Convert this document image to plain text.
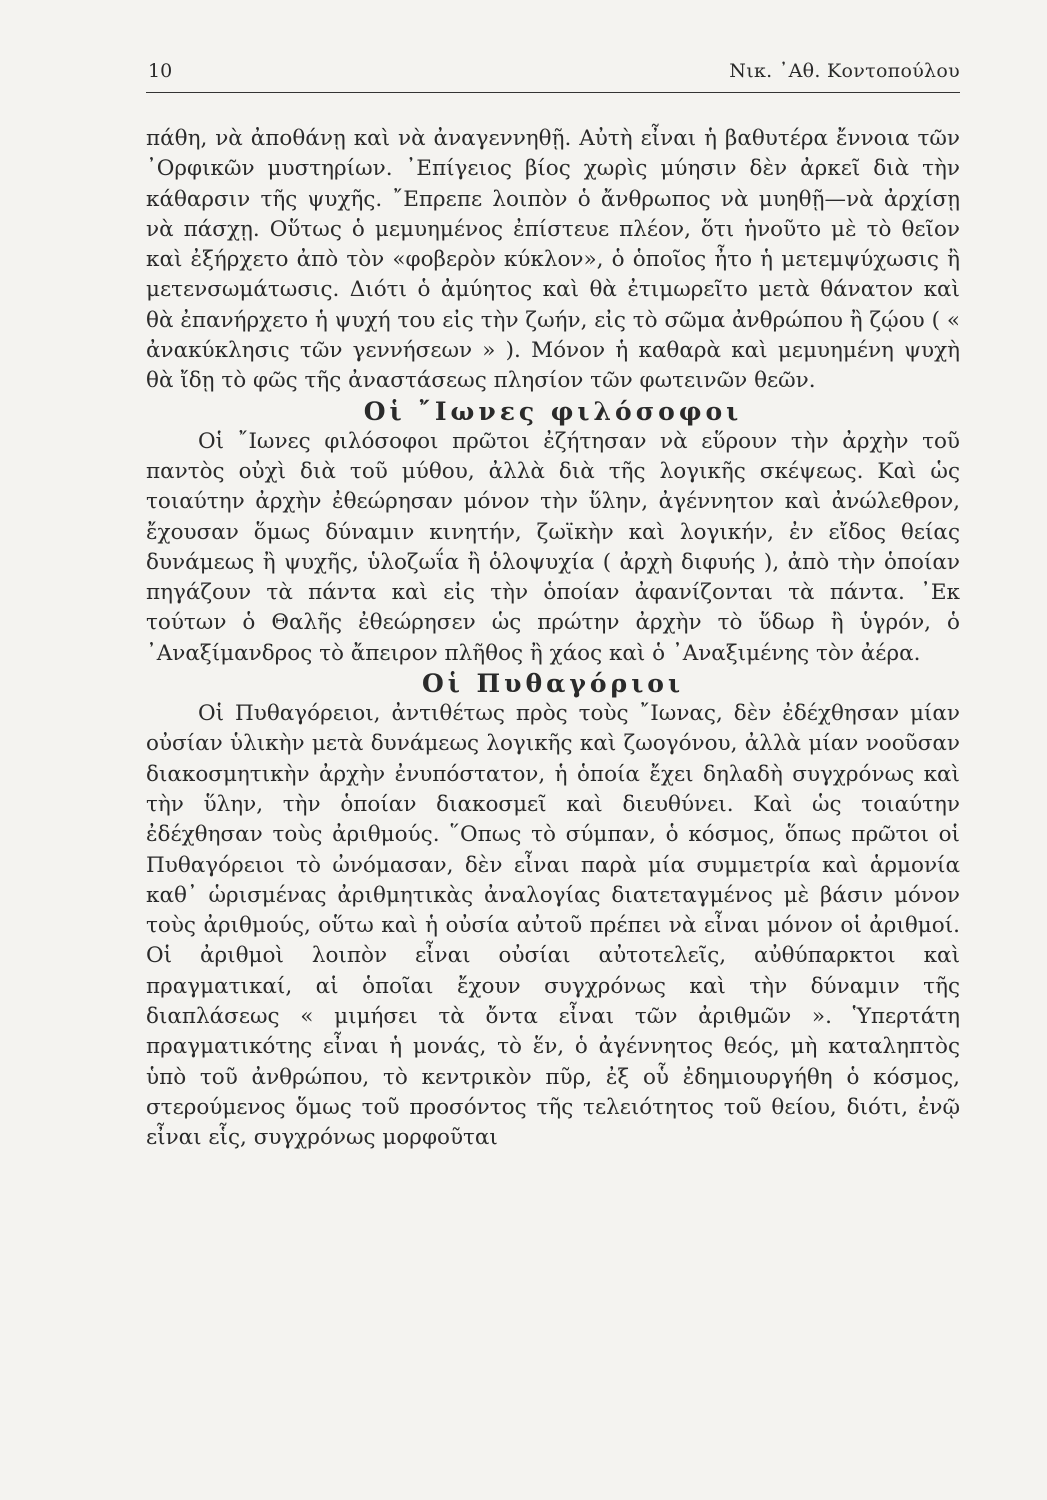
10	Νικ. ᾿Αθ. Κοντοπούλου

πάθη, νὰ ἀποθάνῃ καὶ νὰ ἀναγεννηθῇ. Αὐτὴ εἶναι ἡ βαθυτέρα ἔννοια τῶν ᾿Ορφικῶν μυστηρίων. ᾿Επίγειος βίος χωρὶς μύησιν δὲν ἀρκεῖ διὰ τὴν κάθαρσιν τῆς ψυχῆς. ῎Επρεπε λοιπὸν ὁ ἄνθρωπος νὰ μυηθῇ—νὰ ἀρχίσῃ νὰ πάσχῃ. Οὕτως ὁ μεμυημένος ἐπίστευε πλέον, ὅτι ἡνοῦτο μὲ τὸ θεῖον καὶ ἐξήρχετο ἀπὸ τὸν «φοβερὸν κύκλον», ὁ ὁποῖος ἦτο ἡ μετεμψύχωσις ἢ μετενσωμάτωσις. Διότι ὁ ἀμύητος καὶ θὰ ἐτιμωρεῖτο μετὰ θάνατον καὶ θὰ ἐπανήρχετο ἡ ψυχή του εἰς τὴν ζωήν, εἰς τὸ σῶμα ἀνθρώπου ἢ ζῴου ( « ἀνακύκλησις τῶν γεννήσεων » ). Μόνον ἡ καθαρὰ καὶ μεμυημένη ψυχὴ θὰ ἴδῃ τὸ φῶς τῆς ἀναστάσεως πλησίον τῶν φωτεινῶν θεῶν.

Οἱ ῎Ιωνες φιλόσοφοι

Οἱ ῎Ιωνες φιλόσοφοι πρῶτοι ἐζήτησαν νὰ εὕρουν τὴν ἀρχὴν τοῦ παντὸς οὐχὶ διὰ τοῦ μύθου, ἀλλὰ διὰ τῆς λογικῆς σκέψεως. Καὶ ὡς τοιαύτην ἀρχὴν ἐθεώρησαν μόνον τὴν ὕλην, ἀγέννητον καὶ ἀνώλεθρον, ἔχουσαν ὅμως δύναμιν κινητήν, ζωϊκὴν καὶ λογικήν, ἐν εἴδος θείας δυνάμεως ἢ ψυχῆς, ὑλοζωΐα ἢ ὁλοψυχία ( ἀρχὴ διφυής ), ἀπὸ τὴν ὁποίαν πηγάζουν τὰ πάντα καὶ εἰς τὴν ὁποίαν ἀφανίζονται τὰ πάντα. ᾿Εκ τούτων ὁ Θαλῆς ἐθεώρησεν ὡς πρώτην ἀρχὴν τὸ ὕδωρ ἢ ὑγρόν, ὁ ᾿Αναξίμανδρος τὸ ἄπειρον πλῆθος ἢ χάος καὶ ὁ ᾿Αναξιμένης τὸν ἀέρα.

Οἱ Πυθαγόριοι

Οἱ Πυθαγόρειοι, ἀντιθέτως πρὸς τοὺς ῎Ιωνας, δὲν ἐδέχθησαν μίαν οὐσίαν ὑλικὴν μετὰ δυνάμεως λογικῆς καὶ ζωογόνου, ἀλλὰ μίαν νοοῦσαν διακοσμητικὴν ἀρχὴν ἐνυπόστατον, ἡ ὁποία ἔχει δηλαδὴ συγχρόνως καὶ τὴν ὕλην, τὴν ὁποίαν διακοσμεῖ καὶ διευθύνει. Καὶ ὡς τοιαύτην ἐδέχθησαν τοὺς ἀριθμούς. ῞Οπως τὸ σύμπαν, ὁ κόσμος, ὅπως πρῶτοι οἱ Πυθαγόρειοι τὸ ὠνόμασαν, δὲν εἶναι παρὰ μία συμμετρία καὶ ἁρμονία καθ᾿ ὡρισμένας ἀριθμητικὰς ἀναλογίας διατεταγμένος μὲ βάσιν μόνον τοὺς ἀριθμούς, οὕτω καὶ ἡ οὐσία αὐτοῦ πρέπει νὰ εἶναι μόνον οἱ ἀριθμοί. Οἱ ἀριθμοὶ λοιπὸν εἶναι οὐσίαι αὐτοτελεῖς, αὐθύπαρκτοι καὶ πραγματικαί, αἱ ὁποῖαι ἔχουν συγχρόνως καὶ τὴν δύναμιν τῆς διαπλάσεως « μιμήσει τὰ ὄντα εἶναι τῶν ἀριθμῶν ». Ὑπερτάτη πραγματικότης εἶναι ἡ μονάς, τὸ ἕν, ὁ ἀγέννητος θεός, μὴ καταληπτὸς ὑπὸ τοῦ ἀνθρώπου, τὸ κεντρικὸν πῦρ, ἐξ οὗ ἐδημιουργήθη ὁ κόσμος, στερούμενος ὅμως τοῦ προσόντος τῆς τελειότητος τοῦ θείου, διότι, ἐνῷ εἶναι εἷς, συγχρόνως μορφοῦται
